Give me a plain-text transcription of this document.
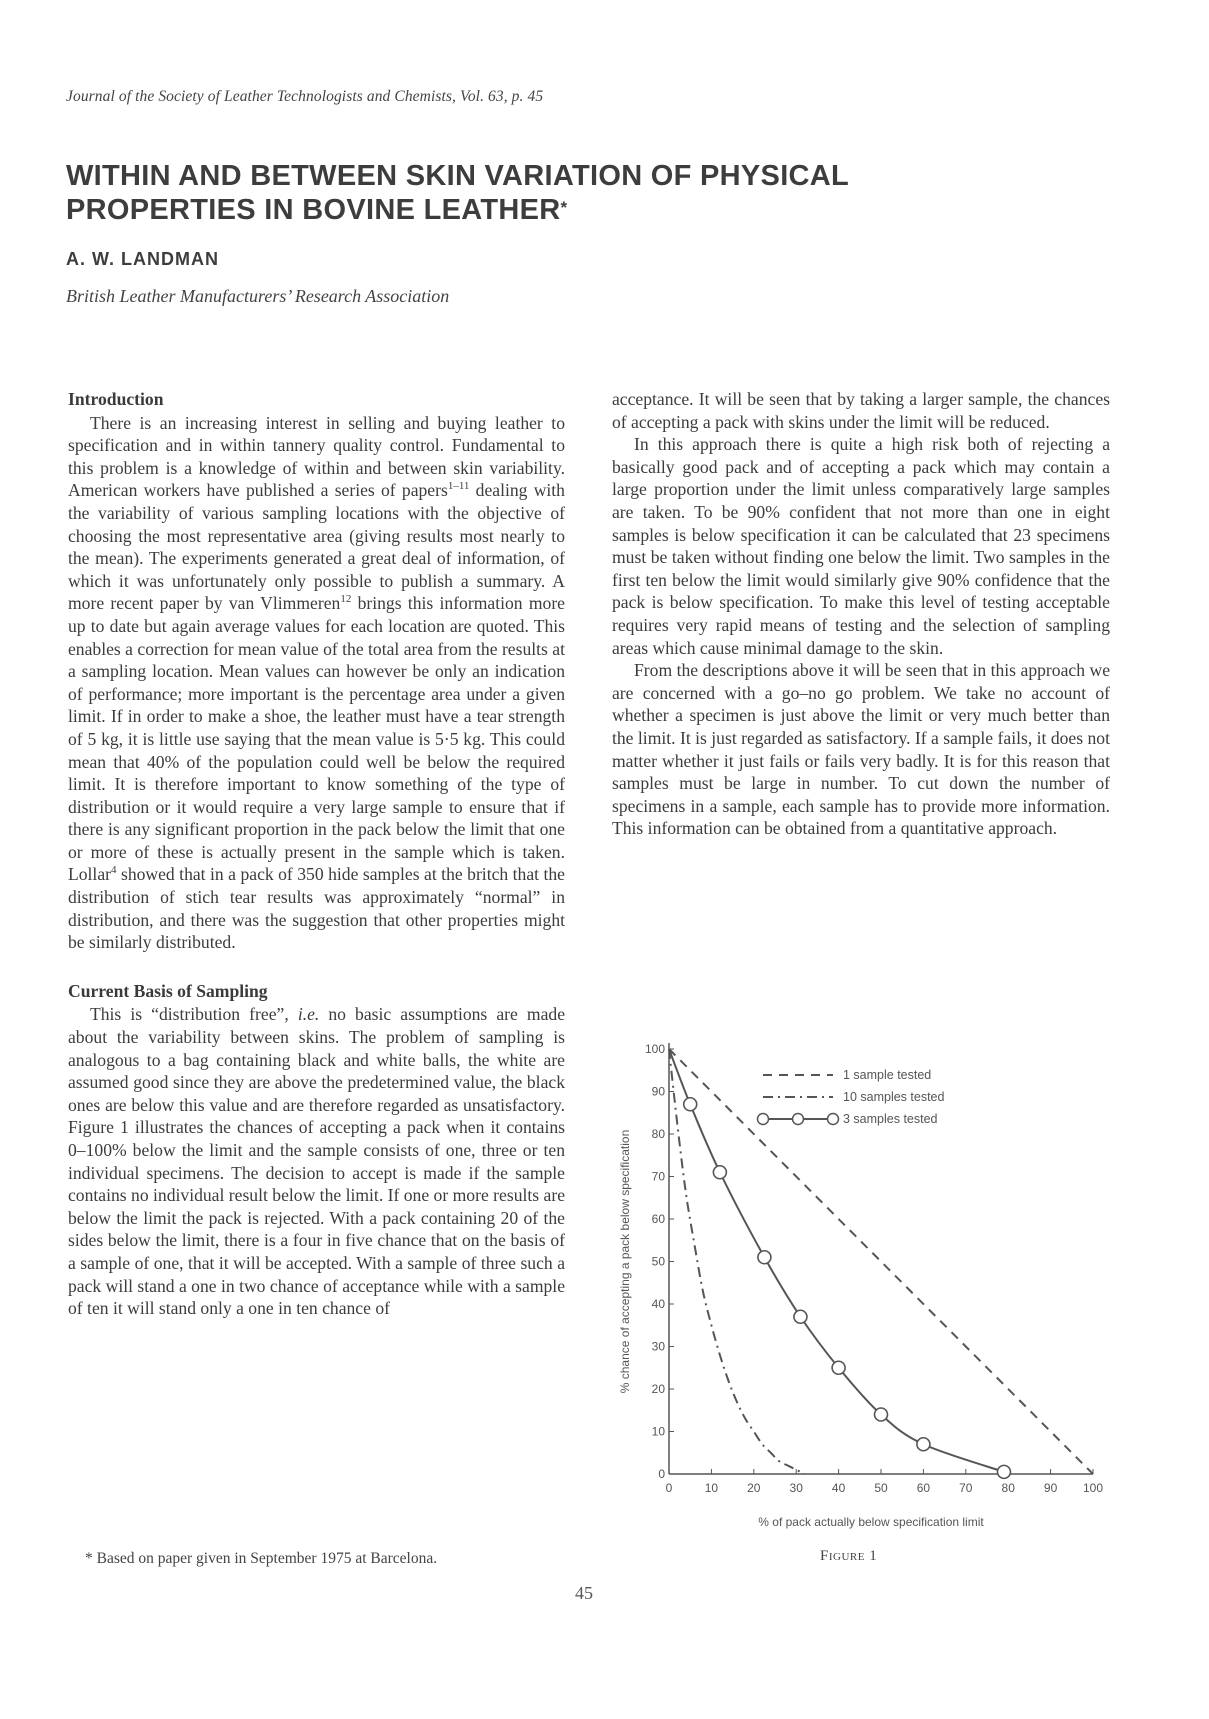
Journal of the Society of Leather Technologists and Chemists, Vol. 63, p. 45
WITHIN AND BETWEEN SKIN VARIATION OF PHYSICAL
PROPERTIES IN BOVINE LEATHER*
A. W. LANDMAN
British Leather Manufacturers’ Research Association
Introduction

There is an increasing interest in selling and buying leather to specification and in within tannery quality control. Fundamental to this problem is a knowledge of within and between skin variability. American workers have published a series of papers$^{1-11}$ dealing with the variability of various sampling locations with the objective of choosing the most representative area (giving results most nearly to the mean). The experiments generated a great deal of information, of which it was unfortunately only possible to publish a summary. A more recent paper by van Vlimmeren$^{12}$ brings this information more up to date but again average values for each location are quoted. This enables a correction for mean value of the total area from the results at a sampling location. Mean values can however be only an indication of performance; more important is the percentage area under a given limit. If in order to make a shoe, the leather must have a tear strength of 5 kg, it is little use saying that the mean value is 5·5 kg. This could mean that 40% of the population could well be below the required limit. It is therefore important to know something of the type of distribution or it would require a very large sample to ensure that if there is any significant proportion in the pack below the limit that one or more of these is actually present in the sample which is taken. Lollar$^4$ showed that in a pack of 350 hide samples at the britch that the distribution of stich tear results was approximately “normal” in distribution, and there was the suggestion that other properties might be similarly distributed.

Current Basis of Sampling

This is “distribution free”, i.e. no basic assumptions are made about the variability between skins. The problem of sampling is analogous to a bag containing black and white balls, the white are assumed good since they are above the predetermined value, the black ones are below this value and are therefore regarded as unsatisfactory. Figure 1 illustrates the chances of accepting a pack when it contains 0–100% below the limit and the sample consists of one, three or ten individual specimens. The decision to accept is made if the sample contains no individual result below the limit. If one or more results are below the limit the pack is rejected. With a pack containing 20 of the sides below the limit, there is a four in five chance that on the basis of a sample of one, that it will be accepted. With a sample of three such a pack will stand a one in two chance of acceptance while with a sample of ten it will stand only a one in ten chance of

acceptance. It will be seen that by taking a larger sample, the chances of accepting a pack with skins under the limit will be reduced.

In this approach there is quite a high risk both of rejecting a basically good pack and of accepting a pack which may contain a large proportion under the limit unless comparatively large samples are taken. To be 90% confident that not more than one in eight samples is below specification it can be calculated that 23 specimens must be taken without finding one below the limit. Two samples in the first ten below the limit would similarly give 90% confidence that the pack is below specification. To make this level of testing acceptable requires very rapid means of testing and the selection of sampling areas which cause minimal damage to the skin.

From the descriptions above it will be seen that in this approach we are concerned with a go–no go problem. We take no account of whether a specimen is just above the limit or very much better than the limit. It is just regarded as satisfactory. If a sample fails, it does not matter whether it just fails or fails very badly. It is for this reason that samples must be large in number. To cut down the number of specimens in a sample, each sample has to provide more information. This information can be obtained from a quantitative approach.

0	10 20 30 40 50 60 70 80 90 100
0
10
20
30
40
50
60
70
80
90
100
1 sample tested
10 samples tested
3 samples tested
% of pack actually below specification limit
% chance of accepting a pack below specification
Figure 1
* Based on paper given in September 1975 at Barcelona.
45
